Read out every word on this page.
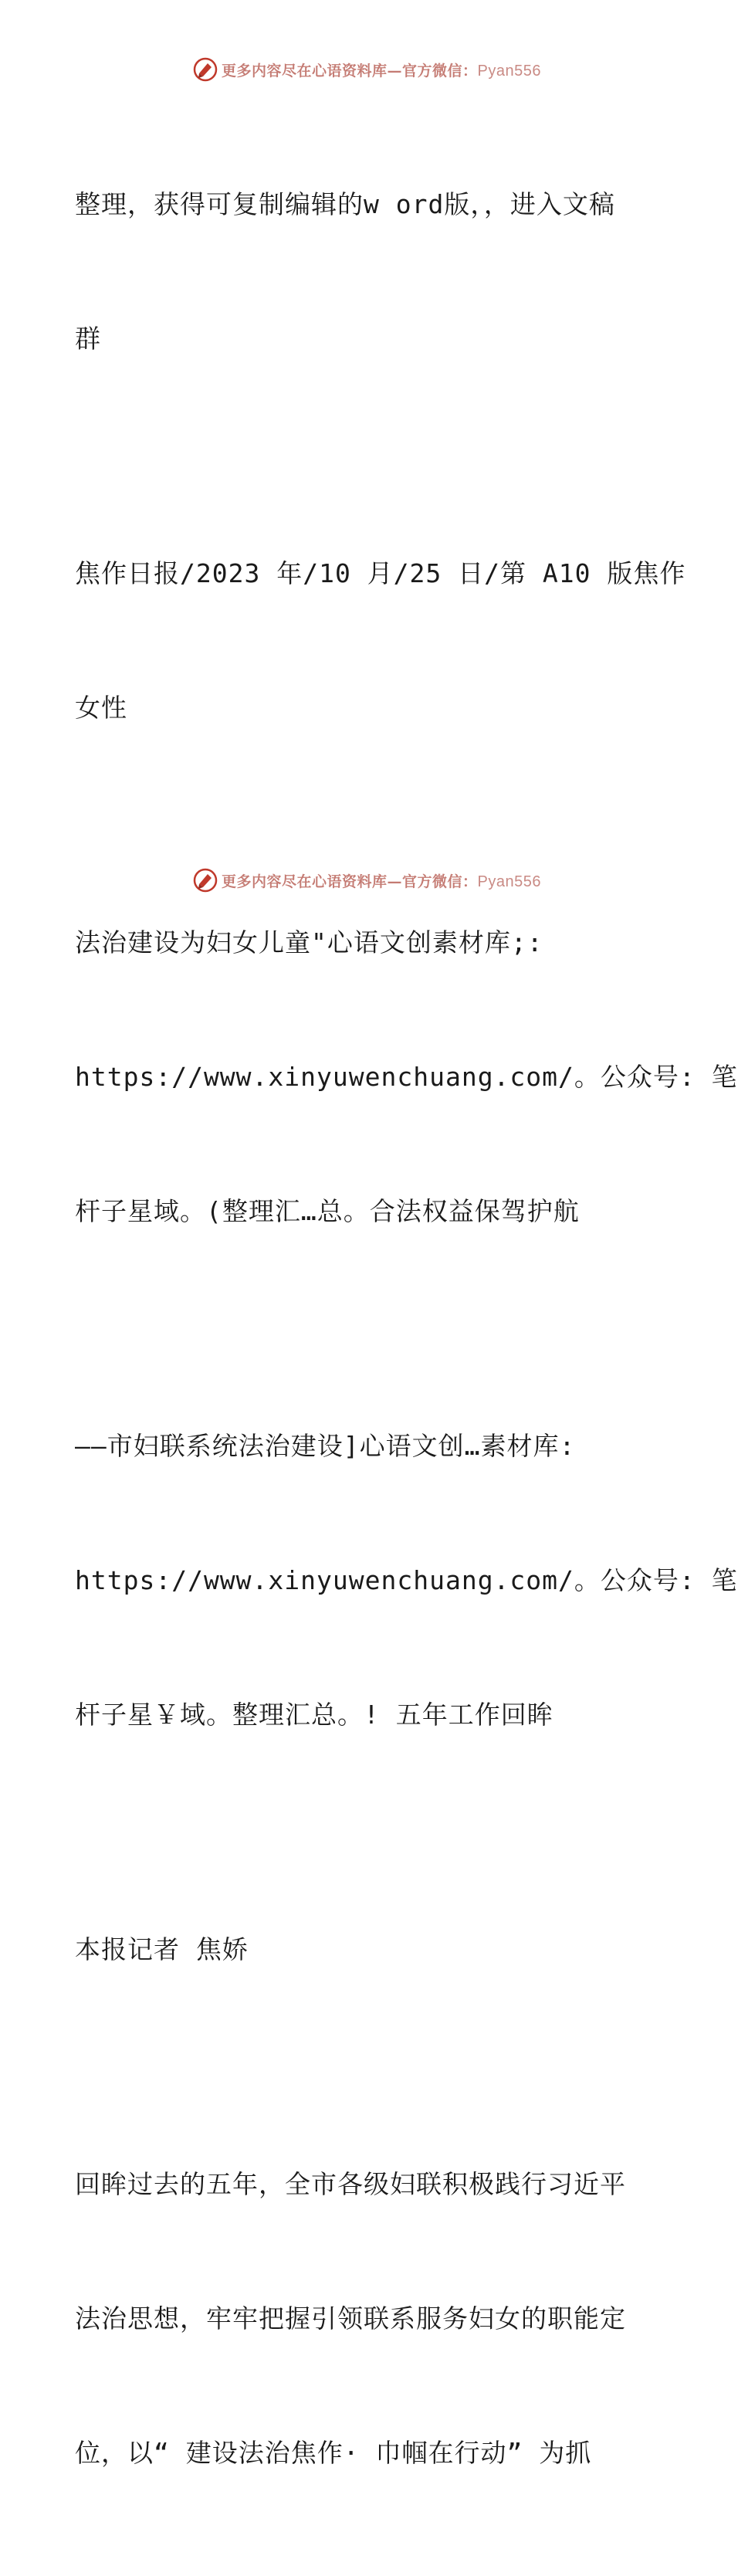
更多内容尽在心语资料库—官方微信：Pyan556

整理，获得可复制编辑的w ord版，，进入文稿

群

焦作日报/2023 年/10 月/25 日/第 A10 版焦作

女性

法治建设为妇女儿童"心语文创素材库;:

https://www.xinyuwenchuang.com/。公众号: 笔

杆子星域。(整理汇…总。合法权益保驾护航

——市妇联系统法治建设]心语文创…素材库:

https://www.xinyuwenchuang.com/。公众号: 笔

杆子星￥域。整理汇总。! 五年工作回眸

本报记者 焦娇

回眸过去的五年，全市各级妇联积极践行习近平

法治思想，牢牢把握引领联系服务妇女的职能定

位，以“ 建设法治焦作· 巾帼在行动” 为抓

更多内容尽在心语资料库—官方微信：Pyan556
